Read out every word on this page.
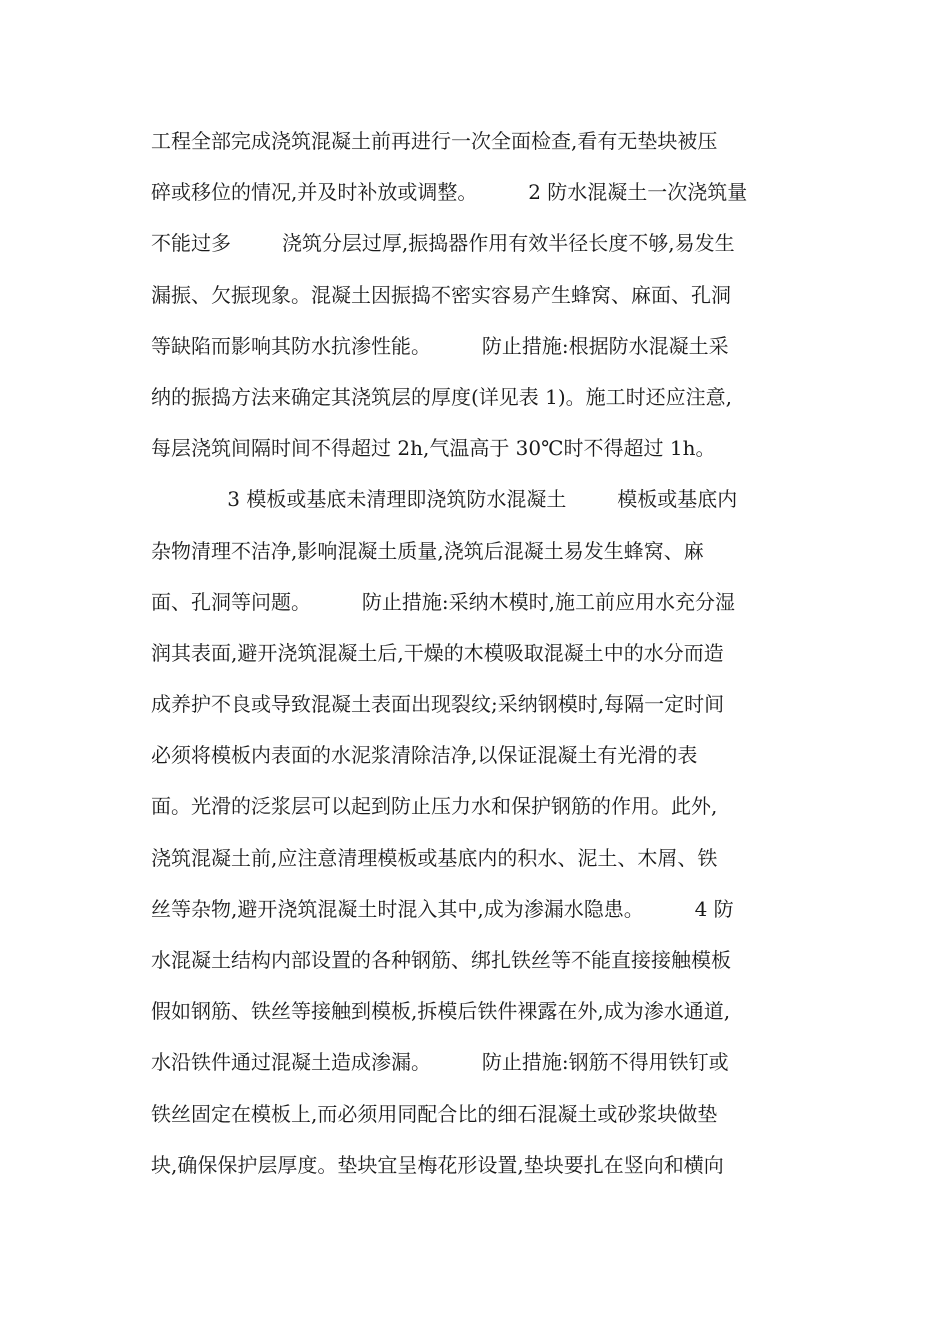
工程全部完成浇筑混凝土前再进行一次全面检查,看有无垫块被压
碎或移位的情况,并及时补放或调整。        2 防水混凝土一次浇筑量
不能过多        浇筑分层过厚,振捣器作用有效半径长度不够,易发生
漏振、欠振现象。混凝土因振捣不密实容易产生蜂窝、麻面、孔洞
等缺陷而影响其防水抗渗性能。        防止措施:根据防水混凝土采
纳的振捣方法来确定其浇筑层的厚度(详见表 1)。施工时还应注意,
每层浇筑间隔时间不得超过 2h,气温高于 30℃时不得超过 1h。
3 模板或基底未清理即浇筑防水混凝土        模板或基底内
杂物清理不洁净,影响混凝土质量,浇筑后混凝土易发生蜂窝、麻
面、孔洞等问题。        防止措施:采纳木模时,施工前应用水充分湿
润其表面,避开浇筑混凝土后,干燥的木模吸取混凝土中的水分而造
成养护不良或导致混凝土表面出现裂纹;采纳钢模时,每隔一定时间
必须将模板内表面的水泥浆清除洁净,以保证混凝土有光滑的表
面。光滑的泛浆层可以起到防止压力水和保护钢筋的作用。此外,
浇筑混凝土前,应注意清理模板或基底内的积水、泥土、木屑、铁
丝等杂物,避开浇筑混凝土时混入其中,成为渗漏水隐患。        4 防
水混凝土结构内部设置的各种钢筋、绑扎铁丝等不能直接接触模板
假如钢筋、铁丝等接触到模板,拆模后铁件裸露在外,成为渗水通道,
水沿铁件通过混凝土造成渗漏。        防止措施:钢筋不得用铁钉或
铁丝固定在模板上,而必须用同配合比的细石混凝土或砂浆块做垫
块,确保保护层厚度。垫块宜呈梅花形设置,垫块要扎在竖向和横向
